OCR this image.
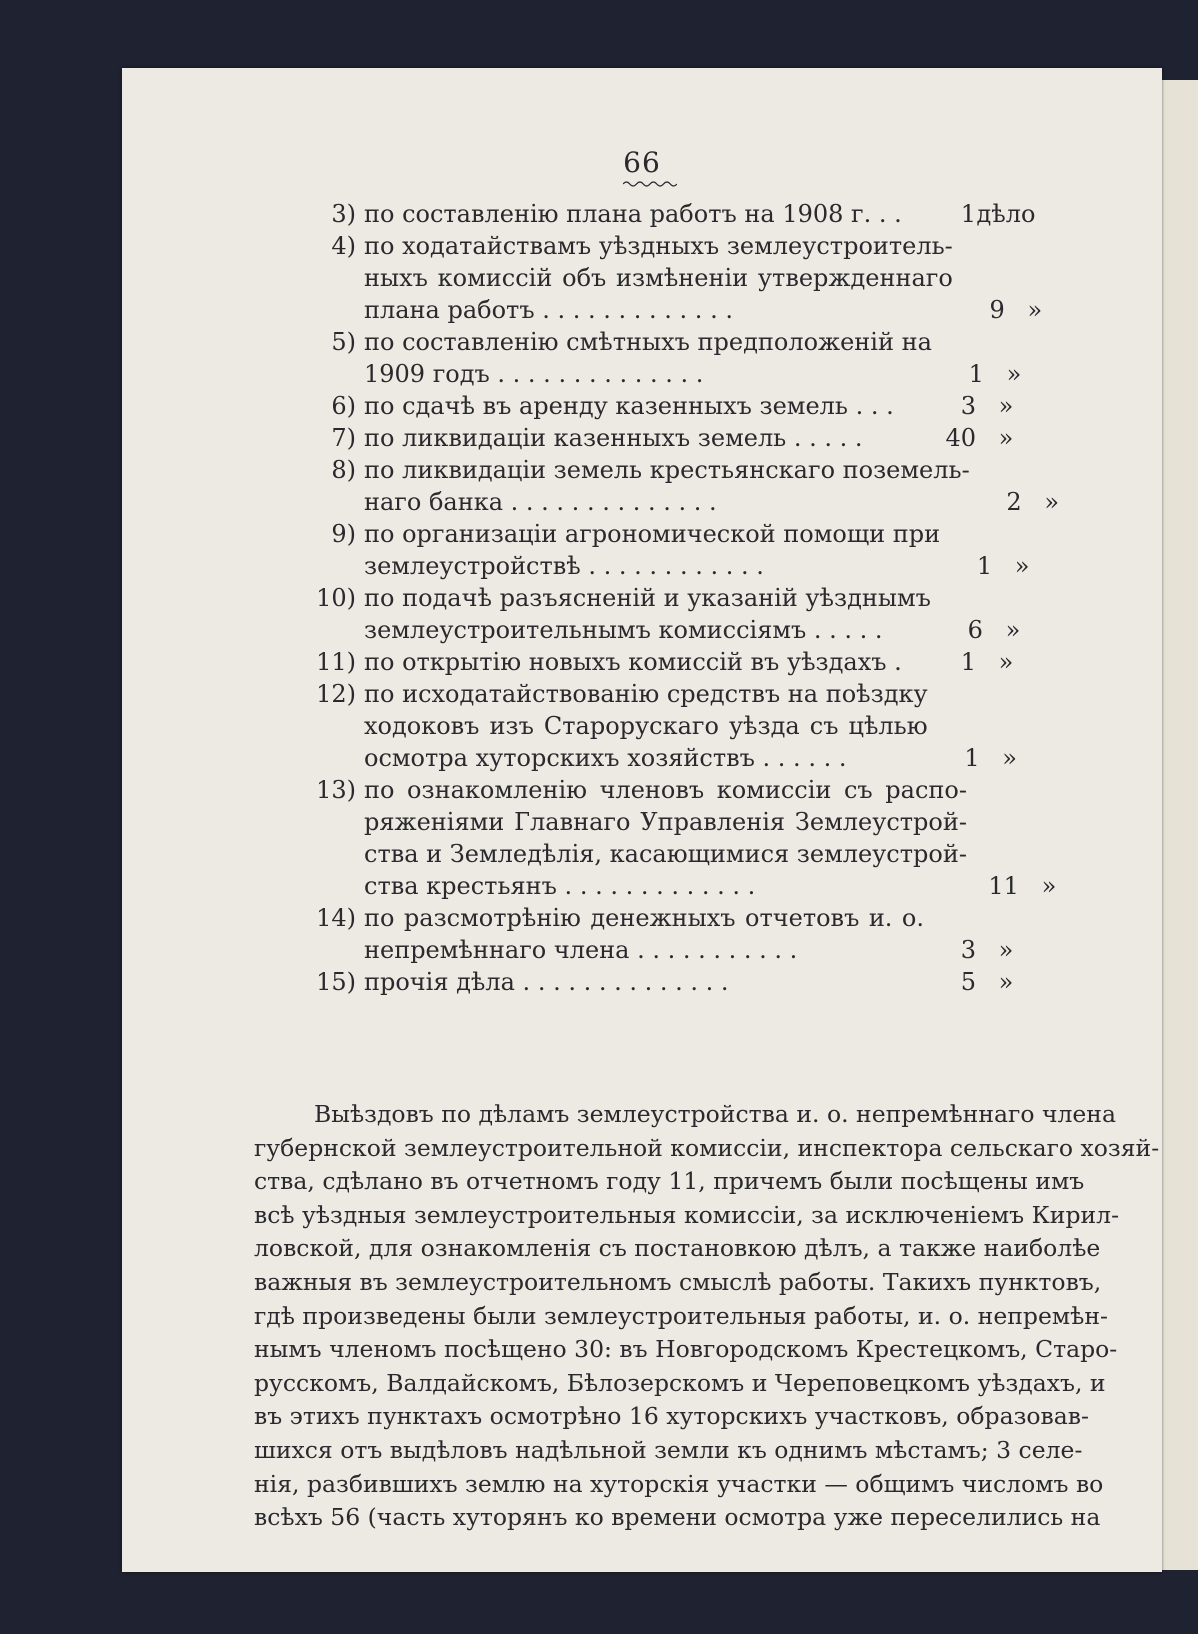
66
3) по составленію плана работъ на 1908 г. . .	1 дѣло
4) по ходатайствамъ уѣздныхъ землеустроитель-
ныхъ комиссій объ измѣненіи утвержденнаго
плана работъ . . . . . . . . . . . . .	9 »
5) по составленію смѣтныхъ предположеній на
1909 годъ . . . . . . . . . . . . . .	1 »
6) по сдачѣ въ аренду казенныхъ земель . . .	3 »
7) по ликвидаціи казенныхъ земель . . . . .	40 »
8) по ликвидаціи земель крестьянскаго поземель-
наго банка . . . . . . . . . . . . . .	2 »
9) по организаціи агрономической помощи при
землеустройствѣ . . . . . . . . . . . .	1 »
10) по подачѣ разъясненій и указаній уѣзднымъ
землеустроительнымъ комиссіямъ . . . . .	6 »
11) по открытію новыхъ комиссій въ уѣздахъ .	1 »
12) по исходатайствованію средствъ на поѣздку
ходоковъ изъ Старорускаго уѣзда съ цѣлью
осмотра хуторскихъ хозяйствъ . . . . . .	1 »
13) по ознакомленію членовъ комиссіи съ распо-
ряженіями Главнаго Управленія Землеустрой-
ства и Земледѣлія, касающимися землеустрой-
ства крестьянъ . . . . . . . . . . . . .	11 »
14) по разсмотрѣнію денежныхъ отчетовъ и. о.
непремѣннаго члена . . . . . . . . . . .	3 »
15) прочія дѣла . . . . . . . . . . . . . .	5 »
Выѣздовъ по дѣламъ землеустройства и. о. непремѣннаго члена
губернской землеустроительной комиссіи, инспектора сельскаго хозяй-
ства, сдѣлано въ отчетномъ году 11, причемъ были посѣщены имъ
всѣ уѣздныя землеустроительныя комиссіи, за исключеніемъ Кирил-
ловской, для ознакомленія съ постановкою дѣлъ, а также наиболѣе
важныя въ землеустроительномъ смыслѣ работы. Такихъ пунктовъ,
гдѣ произведены были землеустроительныя работы, и. о. непремѣн-
нымъ членомъ посѣщено 30: въ Новгородскомъ Крестецкомъ, Старо-
русскомъ, Валдайскомъ, Бѣлозерскомъ и Череповецкомъ уѣздахъ, и
въ этихъ пунктахъ осмотрѣно 16 хуторскихъ участковъ, образовав-
шихся отъ выдѣловъ надѣльной земли къ однимъ мѣстамъ; 3 селе-
нія, разбившихъ землю на хуторскія участки — общимъ числомъ во
всѣхъ 56 (часть хуторянъ ко времени осмотра уже переселились на
